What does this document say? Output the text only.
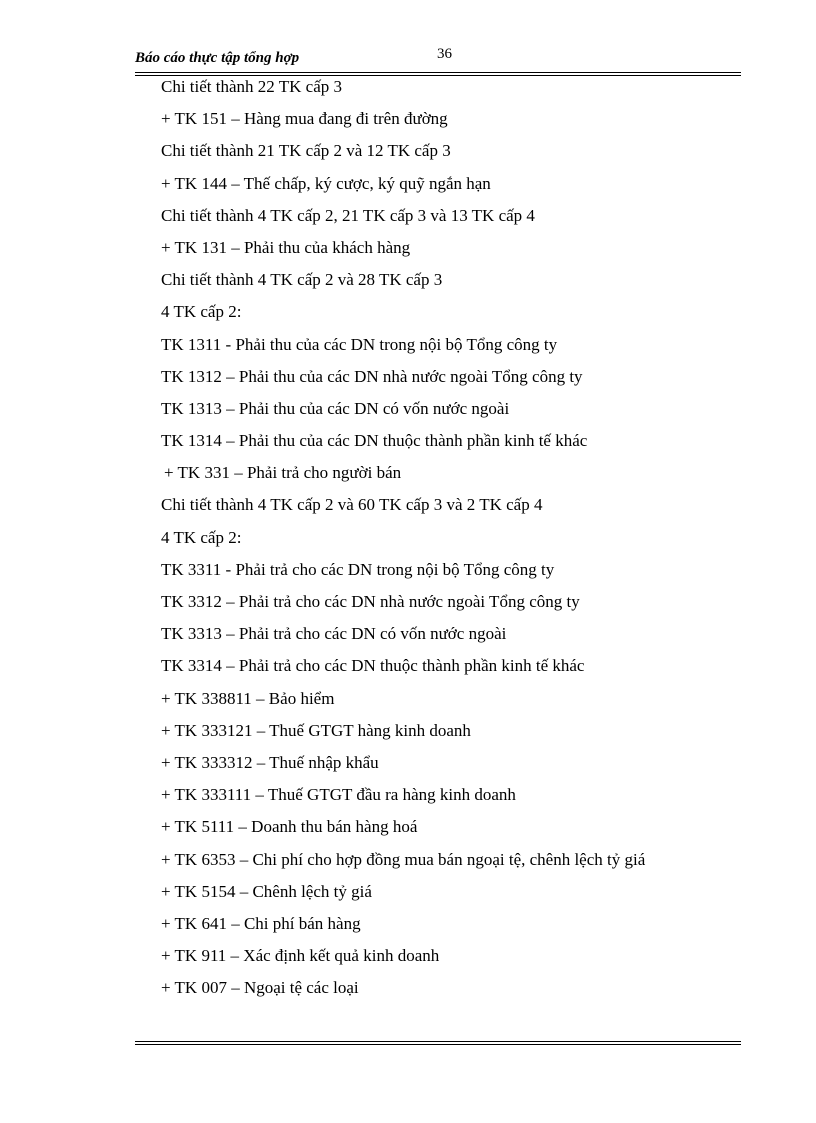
Báo cáo thực tập tổng hợp	36
Chi tiết thành 22 TK cấp 3
+ TK 151 – Hàng mua đang đi trên đường
Chi tiết thành 21 TK cấp 2 và 12 TK cấp 3
+ TK 144 – Thế chấp, ký cược, ký quỹ ngắn hạn
Chi tiết thành 4 TK cấp 2, 21 TK cấp 3 và 13 TK cấp 4
+ TK 131 – Phải thu của khách hàng
Chi tiết thành 4 TK cấp 2 và 28 TK cấp 3
4 TK cấp 2:
TK 1311 - Phải thu của các DN trong nội bộ Tổng công ty
TK 1312 – Phải thu của các DN nhà nước ngoài Tổng công ty
TK 1313 – Phải thu của các DN có vốn nước ngoài
TK 1314 – Phải thu của các DN thuộc thành phần kinh tế khác
+ TK 331 – Phải trả cho người bán
Chi tiết thành 4 TK cấp 2 và 60 TK cấp 3 và 2 TK cấp 4
4 TK cấp 2:
TK 3311 - Phải trả cho các DN trong nội bộ Tổng công ty
TK 3312 – Phải trả cho các DN nhà nước ngoài Tổng công ty
TK 3313 – Phải trả cho các DN có vốn nước ngoài
TK 3314 – Phải trả cho các DN thuộc thành phần kinh tế khác
+ TK 338811 – Bảo hiểm
+ TK 333121 – Thuế GTGT hàng kinh doanh
+ TK 333312 – Thuế nhập khẩu
+ TK 333111 – Thuế GTGT đầu ra hàng kinh doanh
+ TK 5111 – Doanh thu bán hàng hoá
+ TK 6353 – Chi phí cho hợp đồng mua bán ngoại tệ, chênh lệch tỷ giá
+ TK 5154 – Chênh lệch tỷ giá
+ TK 641 – Chi phí bán hàng
+ TK 911 – Xác định kết quả kinh doanh
+ TK 007 – Ngoại tệ các loại
